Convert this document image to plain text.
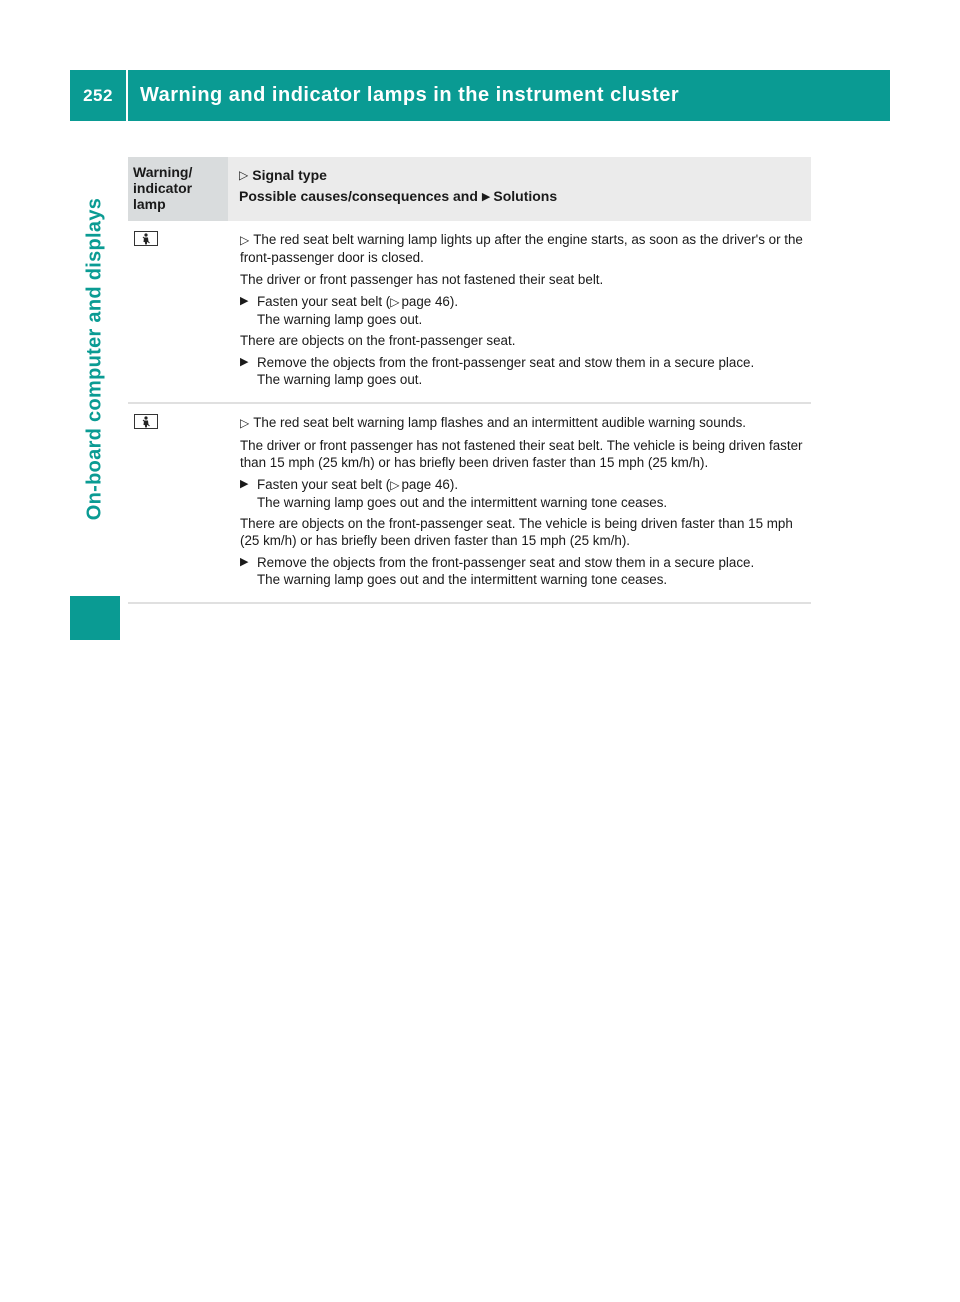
252	Warning and indicator lamps in the instrument cluster
On-board computer and displays
Warning/
indicator
lamp
▷ Signal type
Possible causes/consequences and ▶ Solutions

▷ The red seat belt warning lamp lights up after the engine starts, as soon as the driver's or the front-passenger door is closed.

The driver or front passenger has not fastened their seat belt.

▶ Fasten your seat belt (▷ page 46).
The warning lamp goes out.

There are objects on the front-passenger seat.

▶ Remove the objects from the front-passenger seat and stow them in a secure place.
The warning lamp goes out.

▷ The red seat belt warning lamp flashes and an intermittent audible warning sounds.

The driver or front passenger has not fastened their seat belt. The vehicle is being driven faster than 15 mph (25 km/h) or has briefly been driven faster than 15 mph (25 km/h).

▶ Fasten your seat belt (▷ page 46).
The warning lamp goes out and the intermittent warning tone ceases.

There are objects on the front-passenger seat. The vehicle is being driven faster than 15 mph (25 km/h) or has briefly been driven faster than 15 mph (25 km/h).

▶ Remove the objects from the front-passenger seat and stow them in a secure place.
The warning lamp goes out and the intermittent warning tone ceases.
